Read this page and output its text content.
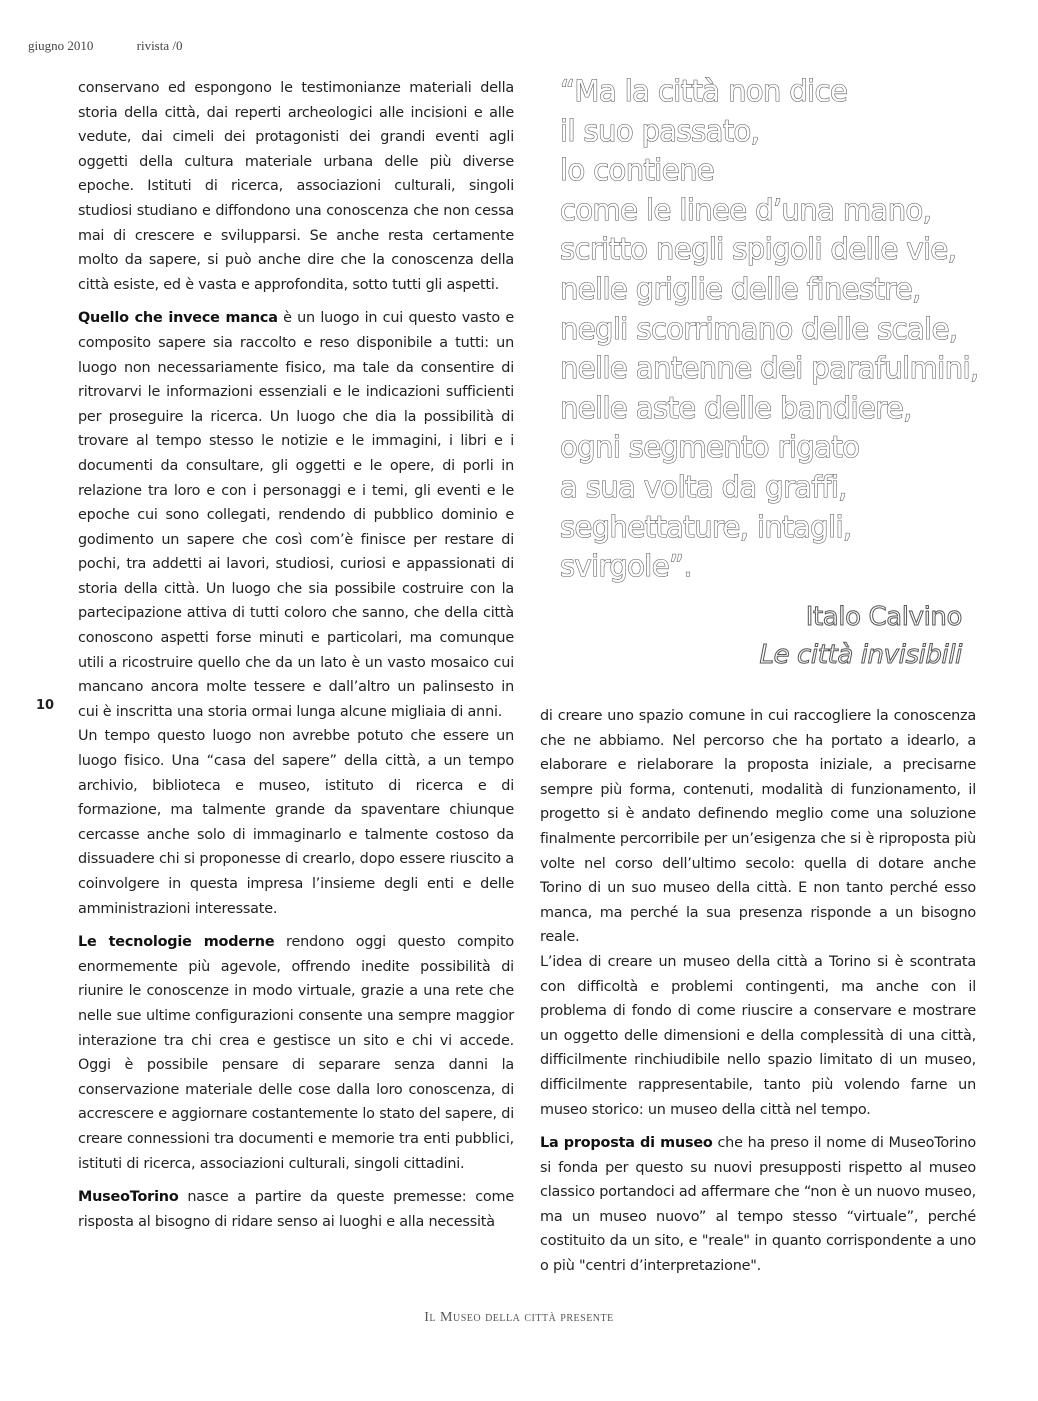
giugno 2010	rivista /0

conservano ed espongono le testimonianze materiali della storia della città, dai reperti archeologici alle incisioni e alle vedute, dai cimeli dei protagonisti dei grandi eventi agli oggetti della cultura materiale urbana delle più diverse epoche. Istituti di ricerca, associazioni culturali, singoli studiosi studiano e diffondono una conoscenza che non cessa mai di crescere e svilupparsi. Se anche resta certamente molto da sapere, si può anche dire che la conoscenza della città esiste, ed è vasta e approfondita, sotto tutti gli aspetti.

Quello che invece manca è un luogo in cui questo vasto e composito sapere sia raccolto e reso disponibile a tutti: un luogo non necessariamente fisico, ma tale da consentire di ritrovarvi le informazioni essenziali e le indicazioni sufficienti per proseguire la ricerca. Un luogo che dia la possibilità di trovare al tempo stesso le notizie e le immagini, i libri e i documenti da consultare, gli oggetti e le opere, di porli in relazione tra loro e con i personaggi e i temi, gli eventi e le epoche cui sono collegati, rendendo di pubblico dominio e godimento un sapere che così com’è finisce per restare di pochi, tra addetti ai lavori, studiosi, curiosi e appassionati di storia della città. Un luogo che sia possibile costruire con la partecipazione attiva di tutti coloro che sanno, che della città conoscono aspetti forse minuti e particolari, ma comunque utili a ricostruire quello che da un lato è un vasto mosaico cui mancano ancora molte tessere e dall’altro un palinsesto in cui è inscritta una storia ormai lunga alcune migliaia di anni.

Un tempo questo luogo non avrebbe potuto che essere un luogo fisico. Una “casa del sapere” della città, a un tempo archivio, biblioteca e museo, istituto di ricerca e di formazione, ma talmente grande da spaventare chiunque cercasse anche solo di immaginarlo e talmente costoso da dissuadere chi si proponesse di crearlo, dopo essere riuscito a coinvolgere in questa impresa l’insieme degli enti e delle amministrazioni interessate.

Le tecnologie moderne rendono oggi questo compito enormemente più agevole, offrendo inedite possibilità di riunire le conoscenze in modo virtuale, grazie a una rete che nelle sue ultime configurazioni consente una sempre maggior interazione tra chi crea e gestisce un sito e chi vi accede. Oggi è possibile pensare di separare senza danni la conservazione materiale delle cose dalla loro conoscenza, di accrescere e aggiornare costantemente lo stato del sapere, di creare connessioni tra documenti e memorie tra enti pubblici, istituti di ricerca, associazioni culturali, singoli cittadini.

MuseoTorino nasce a partire da queste premesse: come risposta al bisogno di ridare senso ai luoghi e alla necessità

10
“Ma la città non dice
il suo passato,
lo contiene
come le linee d’una mano,
scritto negli spigoli delle vie,
nelle griglie delle finestre,
negli scorrimano delle scale,
nelle antenne dei parafulmini,
nelle aste delle bandiere,
ogni segmento rigato
a sua volta da graffi,
seghettature, intagli,
svirgole”.
Italo Calvino
Le città invisibili

di creare uno spazio comune in cui raccogliere la conoscenza che ne abbiamo. Nel percorso che ha portato a idearlo, a elaborare e rielaborare la proposta iniziale, a precisarne sempre più forma, contenuti, modalità di funzionamento, il progetto si è andato definendo meglio come una soluzione finalmente percorribile per un’esigenza che si è riproposta più volte nel corso dell’ultimo secolo: quella di dotare anche Torino di un suo museo della città. E non tanto perché esso manca, ma perché la sua presenza risponde a un bisogno reale.

L’idea di creare un museo della città a Torino si è scontrata con difficoltà e problemi contingenti, ma anche con il problema di fondo di come riuscire a conservare e mostrare un oggetto delle dimensioni e della complessità di una città, difficilmente rinchiudibile nello spazio limitato di un museo, difficilmente rappresentabile, tanto più volendo farne un museo storico: un museo della città nel tempo.

La proposta di museo che ha preso il nome di MuseoTorino si fonda per questo su nuovi presupposti rispetto al museo classico portandoci ad affermare che “non è un nuovo museo, ma un museo nuovo” al tempo stesso “virtuale”, perché costituito da un sito, e "reale" in quanto corrispondente a uno o più "centri d’interpretazione".

Il Museo della città presente
